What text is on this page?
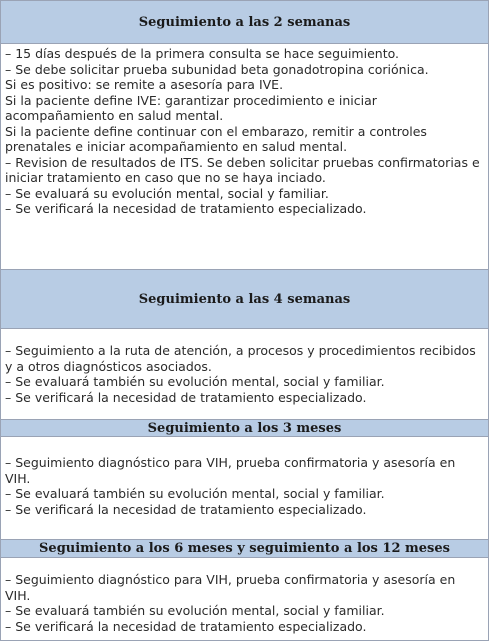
Seguimiento a las 2 semanas

– 15 días después de la primera consulta se hace seguimiento.

– Se debe solicitar prueba subunidad beta gonadotropina coriónica.

Si es positivo: se remite a asesoría para IVE.

Si la paciente define IVE: garantizar procedimiento e iniciar acompañamiento en salud mental.

Si la paciente define continuar con el embarazo, remitir a controles prenatales e iniciar acompañamiento en salud mental.

– Revision de resultados de ITS. Se deben solicitar pruebas confirmatorias e iniciar tratamiento en caso que no se haya inciado.

– Se evaluará su evolución mental, social y familiar.

– Se verificará la necesidad de tratamiento especializado.

Seguimiento a las 4 semanas

– Seguimiento a la ruta de atención, a procesos y procedimientos recibidos y a otros diagnósticos asociados.

– Se evaluará también su evolución mental, social y familiar.

– Se verificará la necesidad de tratamiento especializado.

Seguimiento a los 3 meses

– Seguimiento diagnóstico para VIH, prueba confirmatoria y asesoría en VIH.

– Se evaluará también su evolución mental, social y familiar.

– Se verificará la necesidad de tratamiento especializado.

Seguimiento a los 6 meses y seguimiento a los 12 meses

– Seguimiento diagnóstico para VIH, prueba confirmatoria y asesoría en VIH.

– Se evaluará también su evolución mental, social y familiar.

– Se verificará la necesidad de tratamiento especializado.
